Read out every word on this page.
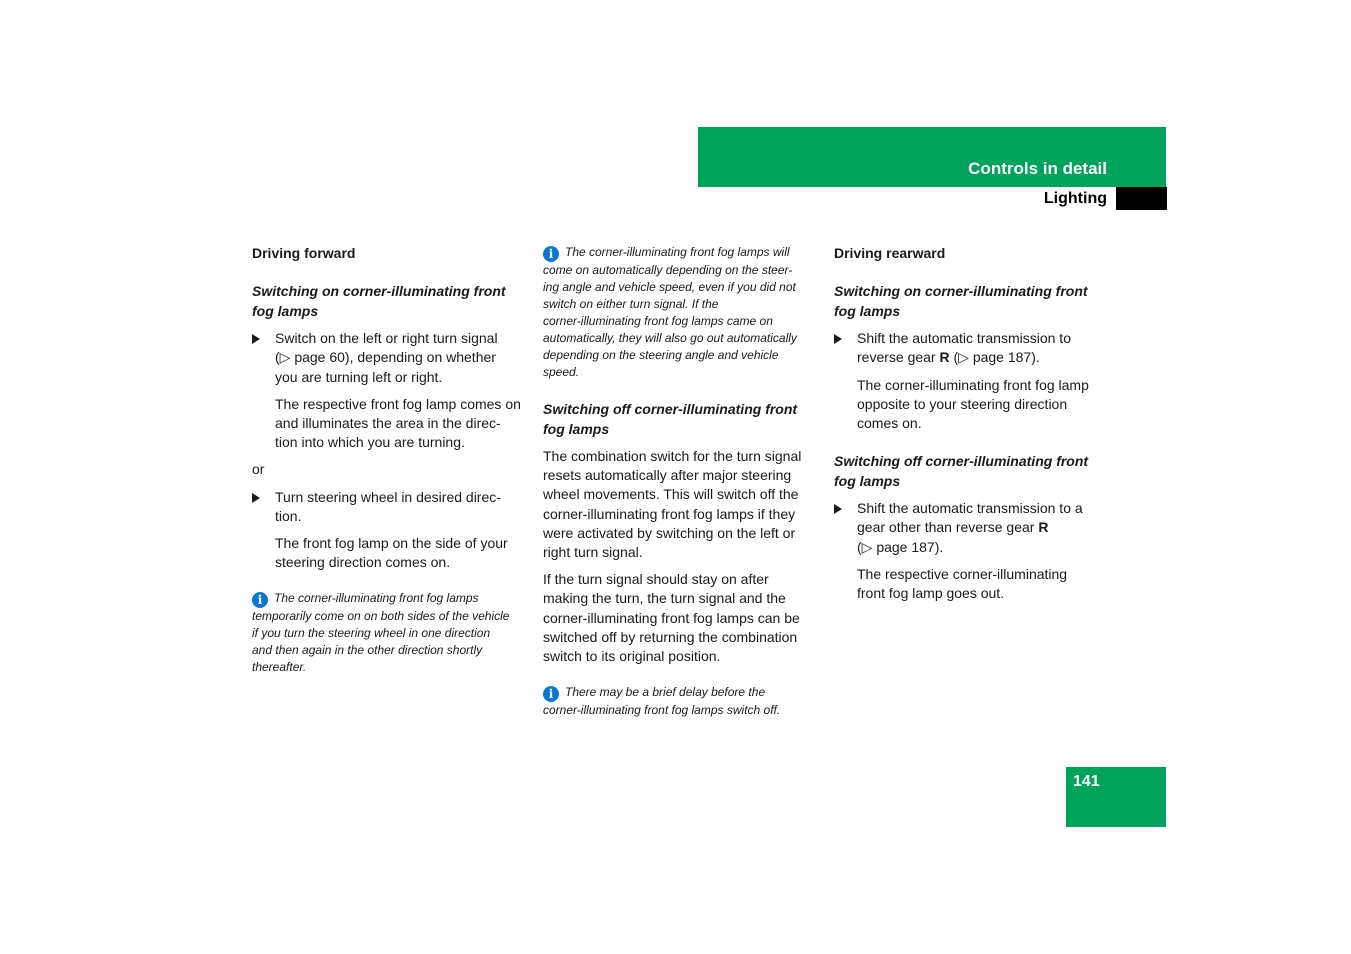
Controls in detail
Lighting
141

Driving forward

Switching on corner-illuminating front fog lamps

Switch on the left or right turn signal
(▷ page 60), depending on whether
you are turning left or right.
The respective front fog lamp comes on
and illuminates the area in the direc-
tion into which you are turning.

or

Turn steering wheel in desired direc-
tion.
The front fog lamp on the side of your
steering direction comes on.
iThe corner-illuminating front fog lamps
temporarily come on on both sides of the vehicle
if you turn the steering wheel in one direction
and then again in the other direction shortly
thereafter.
iThe corner-illuminating front fog lamps will
come on automatically depending on the steer-
ing angle and vehicle speed, even if you did not
switch on either turn signal. If the
corner-illuminating front fog lamps came on
automatically, they will also go out automatically
depending on the steering angle and vehicle
speed.

Switching off corner-illuminating front fog lamps

The combination switch for the turn signal
resets automatically after major steering
wheel movements. This will switch off the
corner-illuminating front fog lamps if they
were activated by switching on the left or
right turn signal.

If the turn signal should stay on after
making the turn, the turn signal and the
corner-illuminating front fog lamps can be
switched off by returning the combination
switch to its original position.

iThere may be a brief delay before the
corner-illuminating front fog lamps switch off.

Driving rearward

Switching on corner-illuminating front fog lamps

Shift the automatic transmission to
reverse gear R (▷ page 187).
The corner-illuminating front fog lamp
opposite to your steering direction
comes on.

Switching off corner-illuminating front fog lamps

Shift the automatic transmission to a
gear other than reverse gear R
(▷ page 187).
The respective corner-illuminating
front fog lamp goes out.
